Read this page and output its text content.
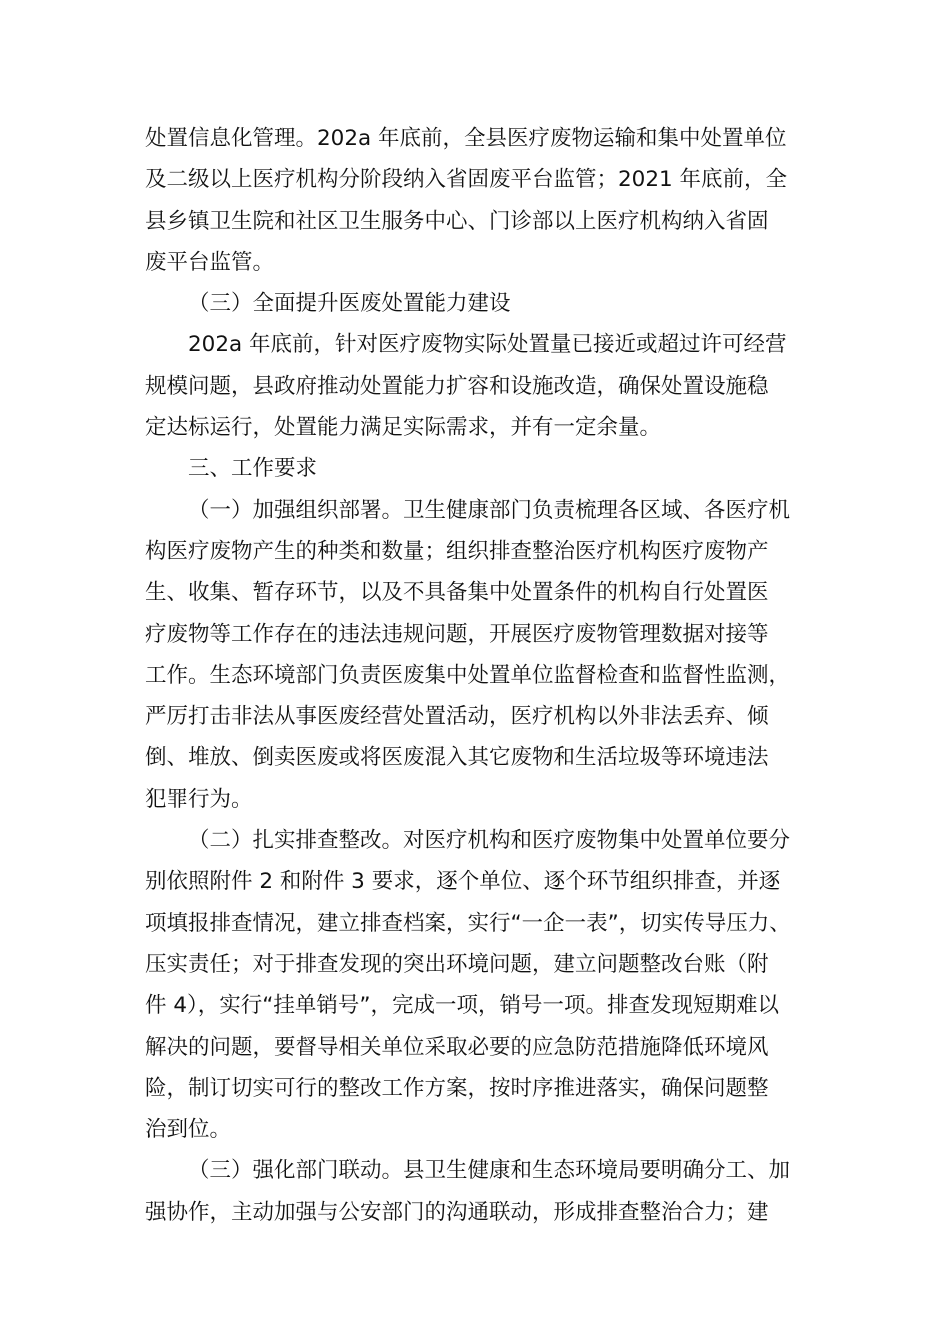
处置信息化管理。202a 年底前，全县医疗废物运输和集中处置单位
及二级以上医疗机构分阶段纳入省固废平台监管；2021 年底前，全
县乡镇卫生院和社区卫生服务中心、门诊部以上医疗机构纳入省固
废平台监管。
（三）全面提升医废处置能力建设
202a 年底前，针对医疗废物实际处置量已接近或超过许可经营
规模问题，县政府推动处置能力扩容和设施改造，确保处置设施稳
定达标运行，处置能力满足实际需求，并有一定余量。
三、工作要求
（一）加强组织部署。卫生健康部门负责梳理各区域、各医疗机
构医疗废物产生的种类和数量；组织排查整治医疗机构医疗废物产
生、收集、暂存环节，以及不具备集中处置条件的机构自行处置医
疗废物等工作存在的违法违规问题，开展医疗废物管理数据对接等
工作。生态环境部门负责医废集中处置单位监督检查和监督性监测，
严厉打击非法从事医废经营处置活动，医疗机构以外非法丢弃、倾
倒、堆放、倒卖医废或将医废混入其它废物和生活垃圾等环境违法
犯罪行为。
（二）扎实排查整改。对医疗机构和医疗废物集中处置单位要分
别依照附件 2 和附件 3 要求，逐个单位、逐个环节组织排查，并逐
项填报排查情况，建立排查档案，实行“一企一表”，切实传导压力、
压实责任；对于排查发现的突出环境问题，建立问题整改台账（附
件 4），实行“挂单销号”，完成一项，销号一项。排查发现短期难以
解决的问题，要督导相关单位采取必要的应急防范措施降低环境风
险，制订切实可行的整改工作方案，按时序推进落实，确保问题整
治到位。
（三）强化部门联动。县卫生健康和生态环境局要明确分工、加
强协作，主动加强与公安部门的沟通联动，形成排查整治合力；建
